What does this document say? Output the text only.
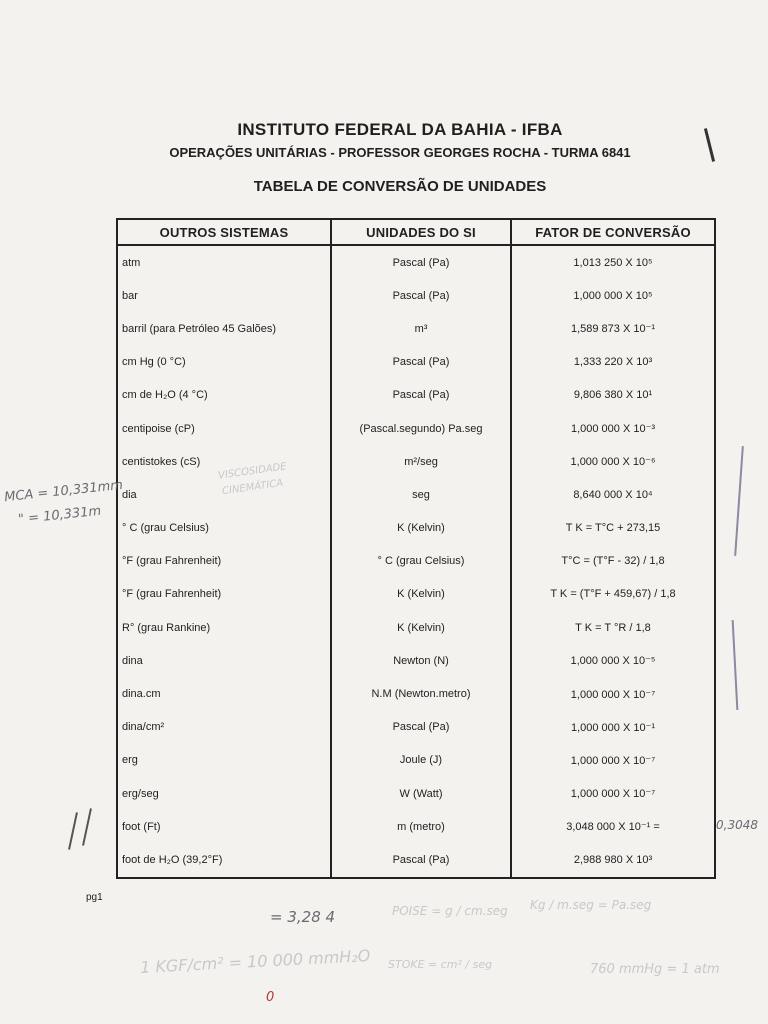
INSTITUTO FEDERAL DA BAHIA - IFBA
OPERAÇÕES UNITÁRIAS - PROFESSOR GEORGES ROCHA - TURMA 6841
TABELA DE CONVERSÃO DE UNIDADES
OUTROS SISTEMAS	UNIDADES DO SI	FATOR DE CONVERSÃO
atm	Pascal (Pa)	1,013 250 X 10⁵
bar	Pascal (Pa)	1,000 000 X 10⁵
barril (para Petróleo 45 Galões)	m³	1,589 873 X 10⁻¹
cm Hg (0 °C)	Pascal (Pa)	1,333 220 X 10³
cm de H₂O (4 °C)	Pascal (Pa)	9,806 380 X 10¹
centipoise (cP)	(Pascal.segundo) Pa.seg	1,000 000 X 10⁻³
centistokes (cS)	m²/seg	1,000 000 X 10⁻⁶
dia	seg	8,640 000 X 10⁴
° C (grau Celsius)	K (Kelvin)	T K = T°C + 273,15
°F (grau Fahrenheit)	° C (grau Celsius)	T°C = (T°F - 32) / 1,8
°F (grau Fahrenheit)	K (Kelvin)	T K = (T°F + 459,67) / 1,8
R° (grau Rankine)	K (Kelvin)	T K = T °R / 1,8
dina	Newton (N)	1,000 000 X 10⁻⁵
dina.cm	N.M (Newton.metro)	1,000 000 X 10⁻⁷
dina/cm²	Pascal (Pa)	1,000 000 X 10⁻¹
erg	Joule (J)	1,000 000 X 10⁻⁷
erg/seg	W (Watt)	1,000 000 X 10⁻⁷
foot (Ft)	m (metro)	3,048 000 X 10⁻¹ =
foot de H₂O (39,2°F)	Pascal (Pa)	2,988 980 X 10³
pg1
MCA = 10,331mm
" = 10,331m
VISCOSIDADE
CINEMÁTICA
0,3048
1 KGF/cm² = 10 000 mmH₂O
= 3,28 4
Kg / m.seg = Pa.seg
POISE = g / cm.seg
STOKE = cm² / seg	760 mmHg = 1 atm
0
